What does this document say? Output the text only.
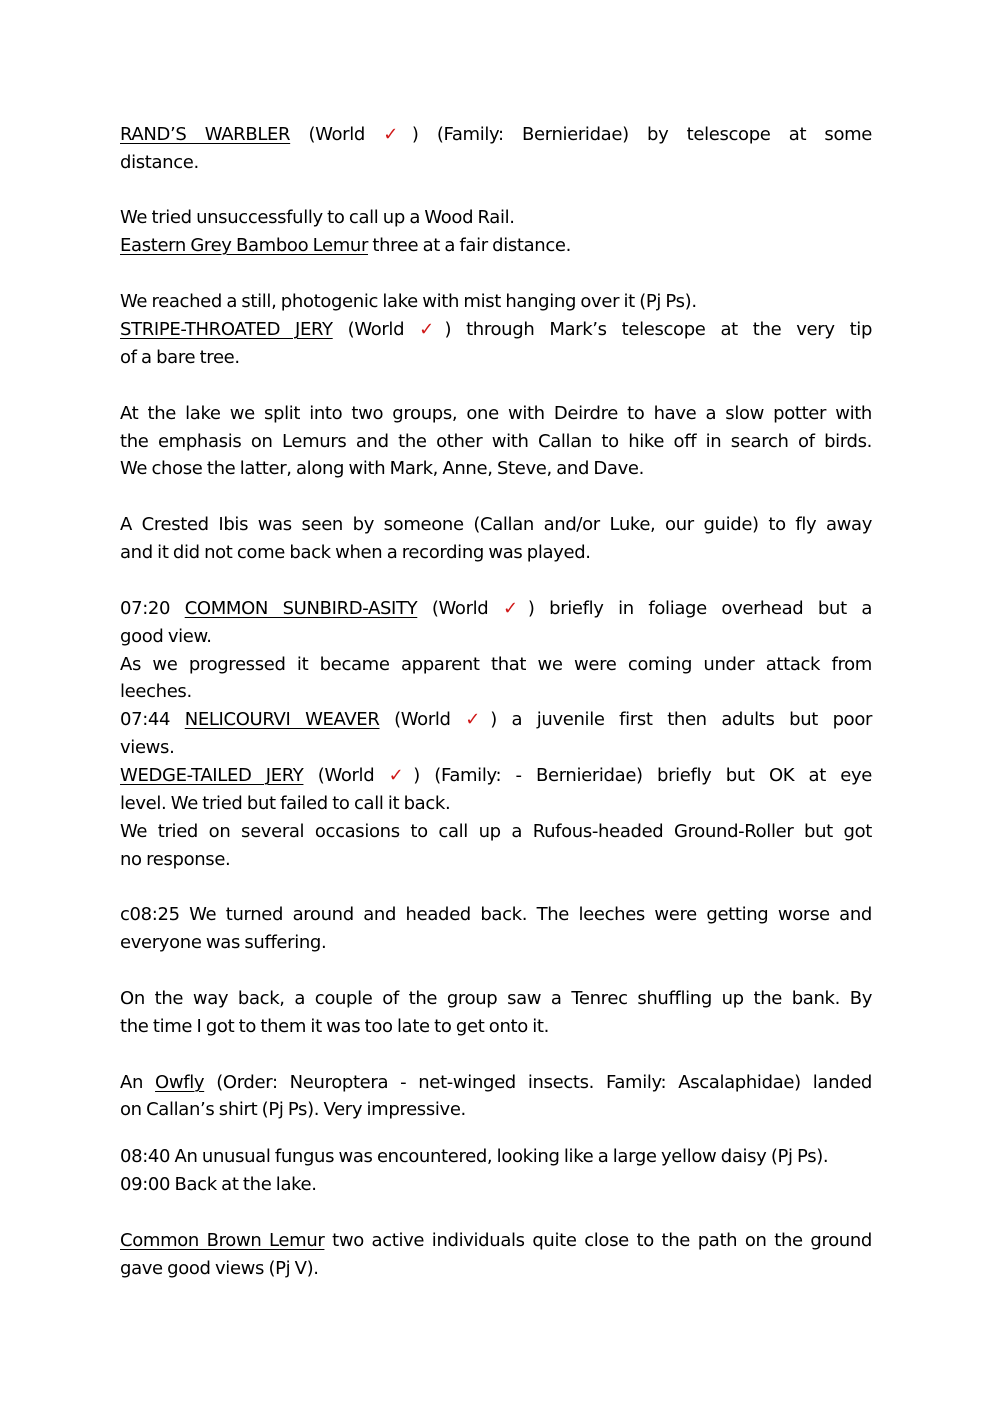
RAND’S WARBLER (World ✓) (Family: Bernieridae) by telescope at some
distance.
We tried unsuccessfully to call up a Wood Rail.
Eastern Grey Bamboo Lemur three at a fair distance.
We reached a still, photogenic lake with mist hanging over it (Pj Ps).
STRIPE-THROATED JERY (World ✓) through Mark’s telescope at the very tip
of a bare tree.
At the lake we split into two groups, one with Deirdre to have a slow potter with
the emphasis on Lemurs and the other with Callan to hike off in search of birds.
We chose the latter, along with Mark, Anne, Steve, and Dave.
A Crested Ibis was seen by someone (Callan and/or Luke, our guide) to fly away
and it did not come back when a recording was played.
07:20 COMMON SUNBIRD-ASITY (World ✓) briefly in foliage overhead but a
good view.
As we progressed it became apparent that we were coming under attack from
leeches.
07:44 NELICOURVI WEAVER (World ✓) a juvenile first then adults but poor
views.
WEDGE-TAILED JERY (World ✓) (Family: - Bernieridae) briefly but OK at eye
level. We tried but failed to call it back.
We tried on several occasions to call up a Rufous-headed Ground-Roller but got
no response.
c08:25 We turned around and headed back. The leeches were getting worse and
everyone was suffering.
On the way back, a couple of the group saw a Tenrec shuffling up the bank. By
the time I got to them it was too late to get onto it.
An Owfly (Order: Neuroptera - net-winged insects. Family: Ascalaphidae) landed
on Callan’s shirt (Pj Ps). Very impressive.
08:40 An unusual fungus was encountered, looking like a large yellow daisy (Pj Ps).
09:00 Back at the lake.
Common Brown Lemur two active individuals quite close to the path on the ground
gave good views (Pj V).
